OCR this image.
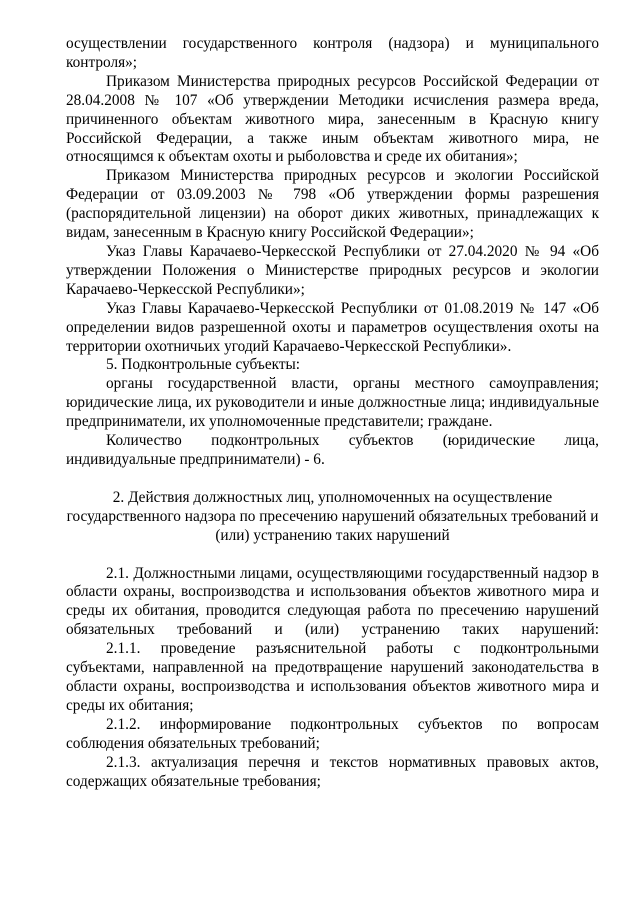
осуществлении государственного контроля (надзора) и муниципального контроля»;

Приказом Министерства природных ресурсов Российской Федерации от 28.04.2008 № 107 «Об утверждении Методики исчисления размера вреда, причиненного объектам животного мира, занесенным в Красную книгу Российской Федерации, а также иным объектам животного мира, не относящимся к объектам охоты и рыболовства и среде их обитания»;

Приказом Министерства природных ресурсов и экологии Российской Федерации от 03.09.2003 № 798 «Об утверждении формы разрешения (распорядительной лицензии) на оборот диких животных, принадлежащих к видам, занесенным в Красную книгу Российской Федерации»;

Указ Главы Карачаево-Черкесской Республики от 27.04.2020 № 94 «Об утверждении Положения о Министерстве природных ресурсов и экологии Карачаево-Черкесской Республики»;

Указ Главы Карачаево-Черкесской Республики от 01.08.2019 № 147 «Об определении видов разрешенной охоты и параметров осуществления охоты на территории охотничьих угодий Карачаево-Черкесской Республики».

5. Подконтрольные субъекты:

органы государственной власти, органы местного самоуправления; юридические лица, их руководители и иные должностные лица; индивидуальные предприниматели, их уполномоченные представители; граждане.

Количество подконтрольных субъектов (юридические лица, индивидуальные предприниматели) - 6.

2. Действия должностных лиц, уполномоченных на осуществление государственного надзора по пресечению нарушений обязательных требований и (или) устранению таких нарушений

2.1. Должностными лицами, осуществляющими государственный надзор в области охраны, воспроизводства и использования объектов животного мира и среды их обитания, проводится следующая работа по пресечению нарушений обязательных требований и (или) устранению таких нарушений:

2.1.1. проведение разъяснительной работы с подконтрольными субъектами, направленной на предотвращение нарушений законодательства в области охраны, воспроизводства и использования объектов животного мира и среды их обитания;

2.1.2. информирование подконтрольных субъектов по вопросам соблюдения обязательных требований;

2.1.3. актуализация перечня и текстов нормативных правовых актов, содержащих обязательные требования;
